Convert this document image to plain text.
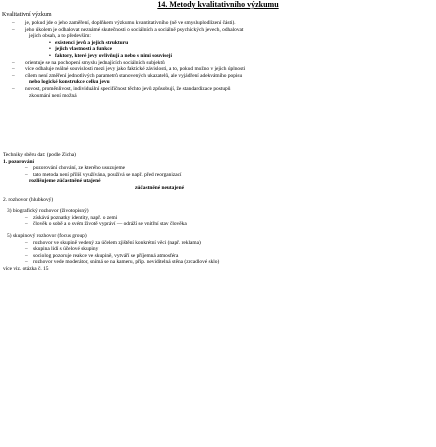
14. Metody kvalitativního výzkumu
Kvalitativní výzkum
– je, pokud jde o jeho zaměření, doplňkem výzkumu kvantitativního (ně ve smysluplodlízení části).
– jeho úkolem je odhalovat neznámé skutečnosti o sociálních a sociálně psychických jevech, odhalovat
jejich obsah, a to především:
• existenci jevů a jejich strukturu
• jejich vlastnosti a funkce
• faktory, které jevy ovlivňují a nebo s nimi souvisejí
– orientuje se na pochopení smyslu jednajících sociálních subjektů
– více odhaluje reálné souvislosti mezi jevy jako faktické závislosti, a to, pokud možno v jejich úplnosti
– cílem není změření jednotlivých parametrů stanovených ukazatelů, ale vyjádření adekvátního popisu
nebo logické konstrukce celku jevu
– novost, proměnlivost, individuální specifičnost těchto jevů způsobují, že standardizace postupů
zkoumání není možná
Techniky sběru dat: (podle Zicha)
1. pozorování
– pozorování chování, ze kterého usuzujeme
– tato metoda není příliš využívána, používá se např. před reorganizací
rozlišujeme zúčastněné utajené
zúčastněné neutajené
2. rozhovor (hlubkový)
3) biografický rozhovor (životopisný)
– získává poznatky identity, např. o zemi
– člověk o sobě a o svém životě vypráví — odráží se vnitřní stav člověka
5) skupinový rozhovor (focus group)
– rozhovor ve skupině vedený za účelem zjištění konkrétní věci (např. reklama)
– skupina lidí s účelové skupiny
– sociolog pozoruje reakce ve skupině, vytváří se příjemná atmosféra
– rozhovor vede moderátor, snímá se na kameru, příp. neviditelná stěna (zrcadlové sklo)
více viz. otázka č. 15
